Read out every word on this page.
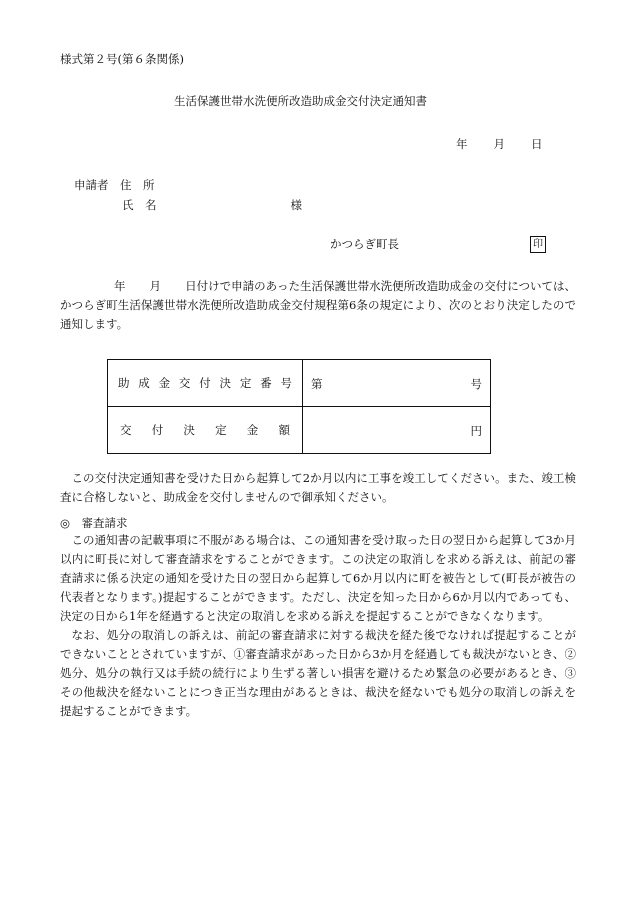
様式第２号(第６条関係)
生活保護世帯水洗便所改造助成金交付決定通知書
年 月 日
申請者　住　所
氏　名	様
かつらぎ町長	印
年 月 日付けで申請のあった生活保護世帯水洗便所改造助成金の交付については、かつらぎ町生活保護世帯水洗便所改造助成金交付規程第6条の規定により、次のとおり決定したので通知します。
助成金交付決定番号	第 号

交付決定金額	円
この交付決定通知書を受けた日から起算して2か月以内に工事を竣工してください。また、竣工検査に合格しないと、助成金を交付しませんので御承知ください。
◎　審査請求

この通知書の記載事項に不服がある場合は、この通知書を受け取った日の翌日から起算して3か月以内に町長に対して審査請求をすることができます。この決定の取消しを求める訴えは、前記の審査請求に係る決定の通知を受けた日の翌日から起算して6か月以内に町を被告として(町長が被告の代表者となります。)提起することができます。ただし、決定を知った日から6か月以内であっても、決定の日から1年を経過すると決定の取消しを求める訴えを提起することができなくなります。

なお、処分の取消しの訴えは、前記の審査請求に対する裁決を経た後でなければ提起することができないこととされていますが、①審査請求があった日から3か月を経過しても裁決がないとき、②処分、処分の執行又は手続の続行により生ずる著しい損害を避けるため緊急の必要があるとき、③その他裁決を経ないことにつき正当な理由があるときは、裁決を経ないでも処分の取消しの訴えを提起することができます。
